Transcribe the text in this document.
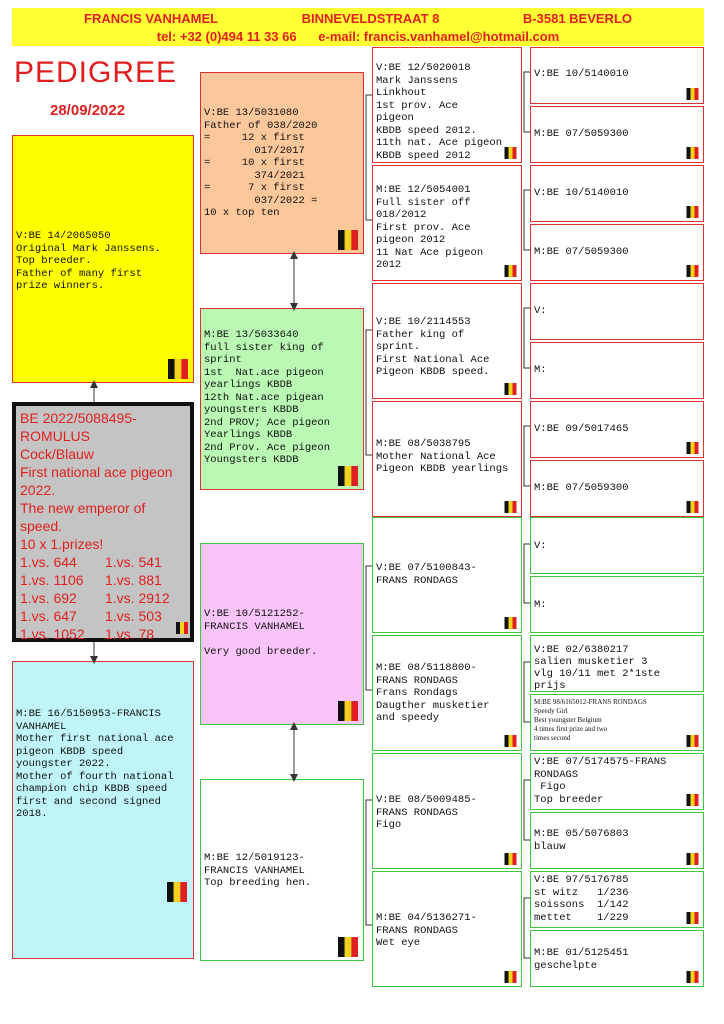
FRANCIS VANHAMEL	BINNEVELDSTRAAT 8	B-3581 BEVERLO
tel: +32 (0)494 11 33 66 e-mail: francis.vanhamel@hotmail.com
PEDIGREE
28/09/2022
BE 2022/5088495-
ROMULUS
Cock/Blauw
First national ace pigeon
2022.
The new emperor of
speed.
10 x 1.prizes!
1.vs. 644	1.vs. 541
1.vs. 1106	1.vs. 881
1.vs. 692	1.vs. 2912
1.vs. 647	1.vs. 503
1.vs. 1052	1.vs. 78
V:BE 14/2065050
Original Mark Janssens.
Top breeder.
Father of many first
prize winners.
M:BE 16/5150953-FRANCIS
VANHAMEL
Mother first national ace
pigeon KBDB speed
youngster 2022.
Mother of fourth national
champion chip KBDB speed
first and second signed
2018.
V:BE 13/5031080
Father of 038/2020
=     12 x first
017/2017
=     10 x first
374/2021
=      7 x first
037/2022 =
10 x top ten
M:BE 13/5033640
full sister king of
sprint
1st  Nat.ace pigeon
yearlings KBDB
12th Nat.ace pigean
youngsters KBDB
2nd PROV; Ace pigeon
Yearlings KBDB
2nd Prov. Ace pigeon
Youngsters KBDB
V:BE 10/5121252-
FRANCIS VANHAMEL

Very good breeder.
M:BE 12/5019123-
FRANCIS VANHAMEL
Top breeding hen.
V:BE 12/5020018
Mark Janssens
Linkhout
1st prov. Ace
pigeon
KBDB speed 2012.
11th nat. Ace pigeon
KBDB speed 2012
M:BE 12/5054001
Full sister off
018/2012
First prov. Ace
pigeon 2012
11 Nat Ace pigeon
2012
V:BE 10/2114553
Father king of
sprint.
First National Ace
Pigeon KBDB speed.
M:BE 08/5038795
Mother National Ace
Pigeon KBDB yearlings
V:BE 07/5100843-
FRANS RONDAGS
M:BE 08/5118800-
FRANS RONDAGS
Frans Rondags
Daugther musketier
and speedy
V:BE 08/5009485-
FRANS RONDAGS
Figo
M:BE 04/5136271-
FRANS RONDAGS
Wet eye
V:BE 10/5140010
M:BE 07/5059300
V:BE 10/5140010
M:BE 07/5059300
V:
M:
V:BE 09/5017465
M:BE 07/5059300
V:
M:
V:BE 02/6380217
salien musketier 3
vlg 10/11 met 2*1ste
prijs
M:BE 98/6165012-FRANS RONDAGS
Speedy Girl
Best youngster Belgium
4 times first prize and two
times second
V:BE 07/5174575-FRANS
RONDAGS
Figo
Top breeder
M:BE 05/5076803
blauw
V:BE 97/5176785
st witz   1/236
soissons  1/142
mettet    1/229
M:BE 01/5125451
geschelpte
